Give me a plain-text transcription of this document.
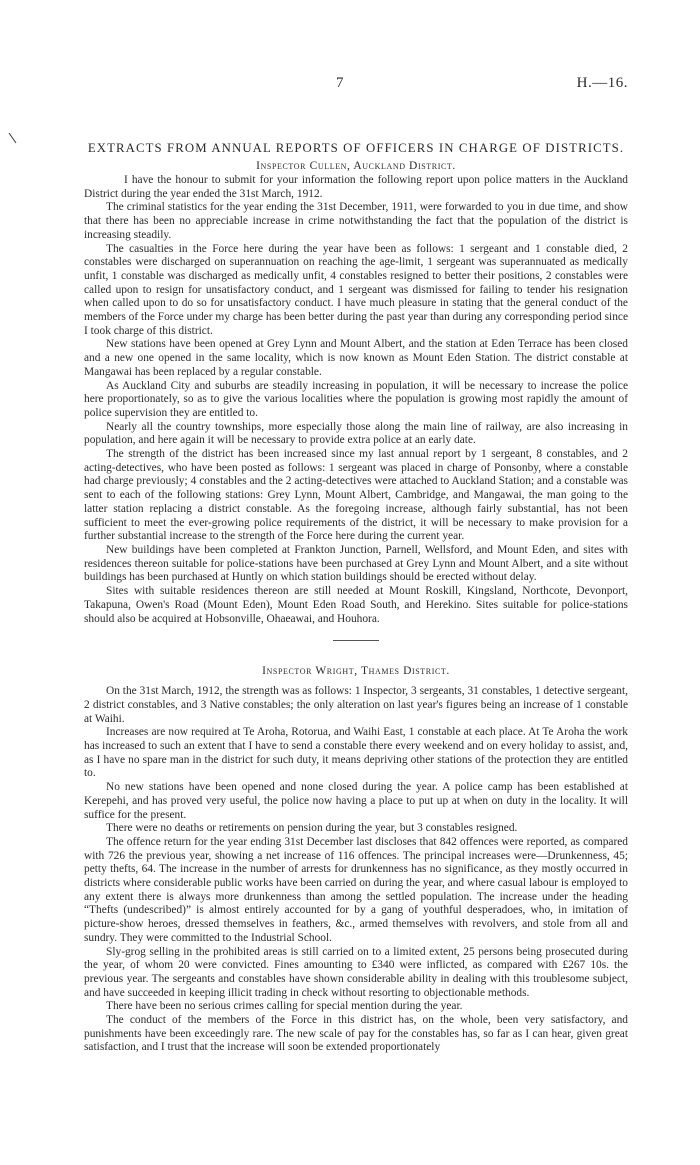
7	H.—16.
EXTRACTS FROM ANNUAL REPORTS OF OFFICERS IN CHARGE OF DISTRICTS.
Inspector Cullen, Auckland District.

I have the honour to submit for your information the following report upon police matters in the Auckland District during the year ended the 31st March, 1912.

The criminal statistics for the year ending the 31st December, 1911, were forwarded to you in due time, and show that there has been no appreciable increase in crime notwithstanding the fact that the population of the district is increasing steadily.

The casualties in the Force here during the year have been as follows: 1 sergeant and 1 constable died, 2 constables were discharged on superannuation on reaching the age-limit, 1 sergeant was superannuated as medically unfit, 1 constable was discharged as medically unfit, 4 constables resigned to better their positions, 2 constables were called upon to resign for unsatisfactory conduct, and 1 sergeant was dismissed for failing to tender his resignation when called upon to do so for unsatisfactory conduct. I have much pleasure in stating that the general conduct of the members of the Force under my charge has been better during the past year than during any corresponding period since I took charge of this district.

New stations have been opened at Grey Lynn and Mount Albert, and the station at Eden Terrace has been closed and a new one opened in the same locality, which is now known as Mount Eden Station. The district constable at Mangawai has been replaced by a regular constable.

As Auckland City and suburbs are steadily increasing in population, it will be necessary to increase the police here proportionately, so as to give the various localities where the population is growing most rapidly the amount of police supervision they are entitled to.

Nearly all the country townships, more especially those along the main line of railway, are also increasing in population, and here again it will be necessary to provide extra police at an early date.

The strength of the district has been increased since my last annual report by 1 sergeant, 8 constables, and 2 acting-detectives, who have been posted as follows: 1 sergeant was placed in charge of Ponsonby, where a constable had charge previously; 4 constables and the 2 acting-detectives were attached to Auckland Station; and a constable was sent to each of the following stations: Grey Lynn, Mount Albert, Cambridge, and Mangawai, the man going to the latter station replacing a district constable. As the foregoing increase, although fairly substantial, has not been sufficient to meet the ever-growing police requirements of the district, it will be necessary to make provision for a further substantial increase to the strength of the Force here during the current year.

New buildings have been completed at Frankton Junction, Parnell, Wellsford, and Mount Eden, and sites with residences thereon suitable for police-stations have been purchased at Grey Lynn and Mount Albert, and a site without buildings has been purchased at Huntly on which station buildings should be erected without delay.

Sites with suitable residences thereon are still needed at Mount Roskill, Kingsland, Northcote, Devonport, Takapuna, Owen's Road (Mount Eden), Mount Eden Road South, and Herekino. Sites suitable for police-stations should also be acquired at Hobsonville, Ohaeawai, and Houhora.

Inspector Wright, Thames District.

On the 31st March, 1912, the strength was as follows: 1 Inspector, 3 sergeants, 31 constables, 1 detective sergeant, 2 district constables, and 3 Native constables; the only alteration on last year's figures being an increase of 1 constable at Waihi.

Increases are now required at Te Aroha, Rotorua, and Waihi East, 1 constable at each place. At Te Aroha the work has increased to such an extent that I have to send a constable there every weekend and on every holiday to assist, and, as I have no spare man in the district for such duty, it means depriving other stations of the protection they are entitled to.

No new stations have been opened and none closed during the year. A police camp has been established at Kerepehi, and has proved very useful, the police now having a place to put up at when on duty in the locality. It will suffice for the present.

There were no deaths or retirements on pension during the year, but 3 constables resigned.

The offence return for the year ending 31st December last discloses that 842 offences were reported, as compared with 726 the previous year, showing a net increase of 116 offences. The principal increases were—Drunkenness, 45; petty thefts, 64. The increase in the number of arrests for drunkenness has no significance, as they mostly occurred in districts where considerable public works have been carried on during the year, and where casual labour is employed to any extent there is always more drunkenness than among the settled population. The increase under the heading “Thefts (undescribed)” is almost entirely accounted for by a gang of youthful desperadoes, who, in imitation of picture-show heroes, dressed themselves in feathers, &c., armed themselves with revolvers, and stole from all and sundry. They were committed to the Industrial School.

Sly-grog selling in the prohibited areas is still carried on to a limited extent, 25 persons being prosecuted during the year, of whom 20 were convicted. Fines amounting to £340 were inflicted, as compared with £267 10s. the previous year. The sergeants and constables have shown considerable ability in dealing with this troublesome subject, and have succeeded in keeping illicit trading in check without resorting to objectionable methods.

There have been no serious crimes calling for special mention during the year.

The conduct of the members of the Force in this district has, on the whole, been very satisfactory, and punishments have been exceedingly rare. The new scale of pay for the constables has, so far as I can hear, given great satisfaction, and I trust that the increase will soon be extended proportionately
